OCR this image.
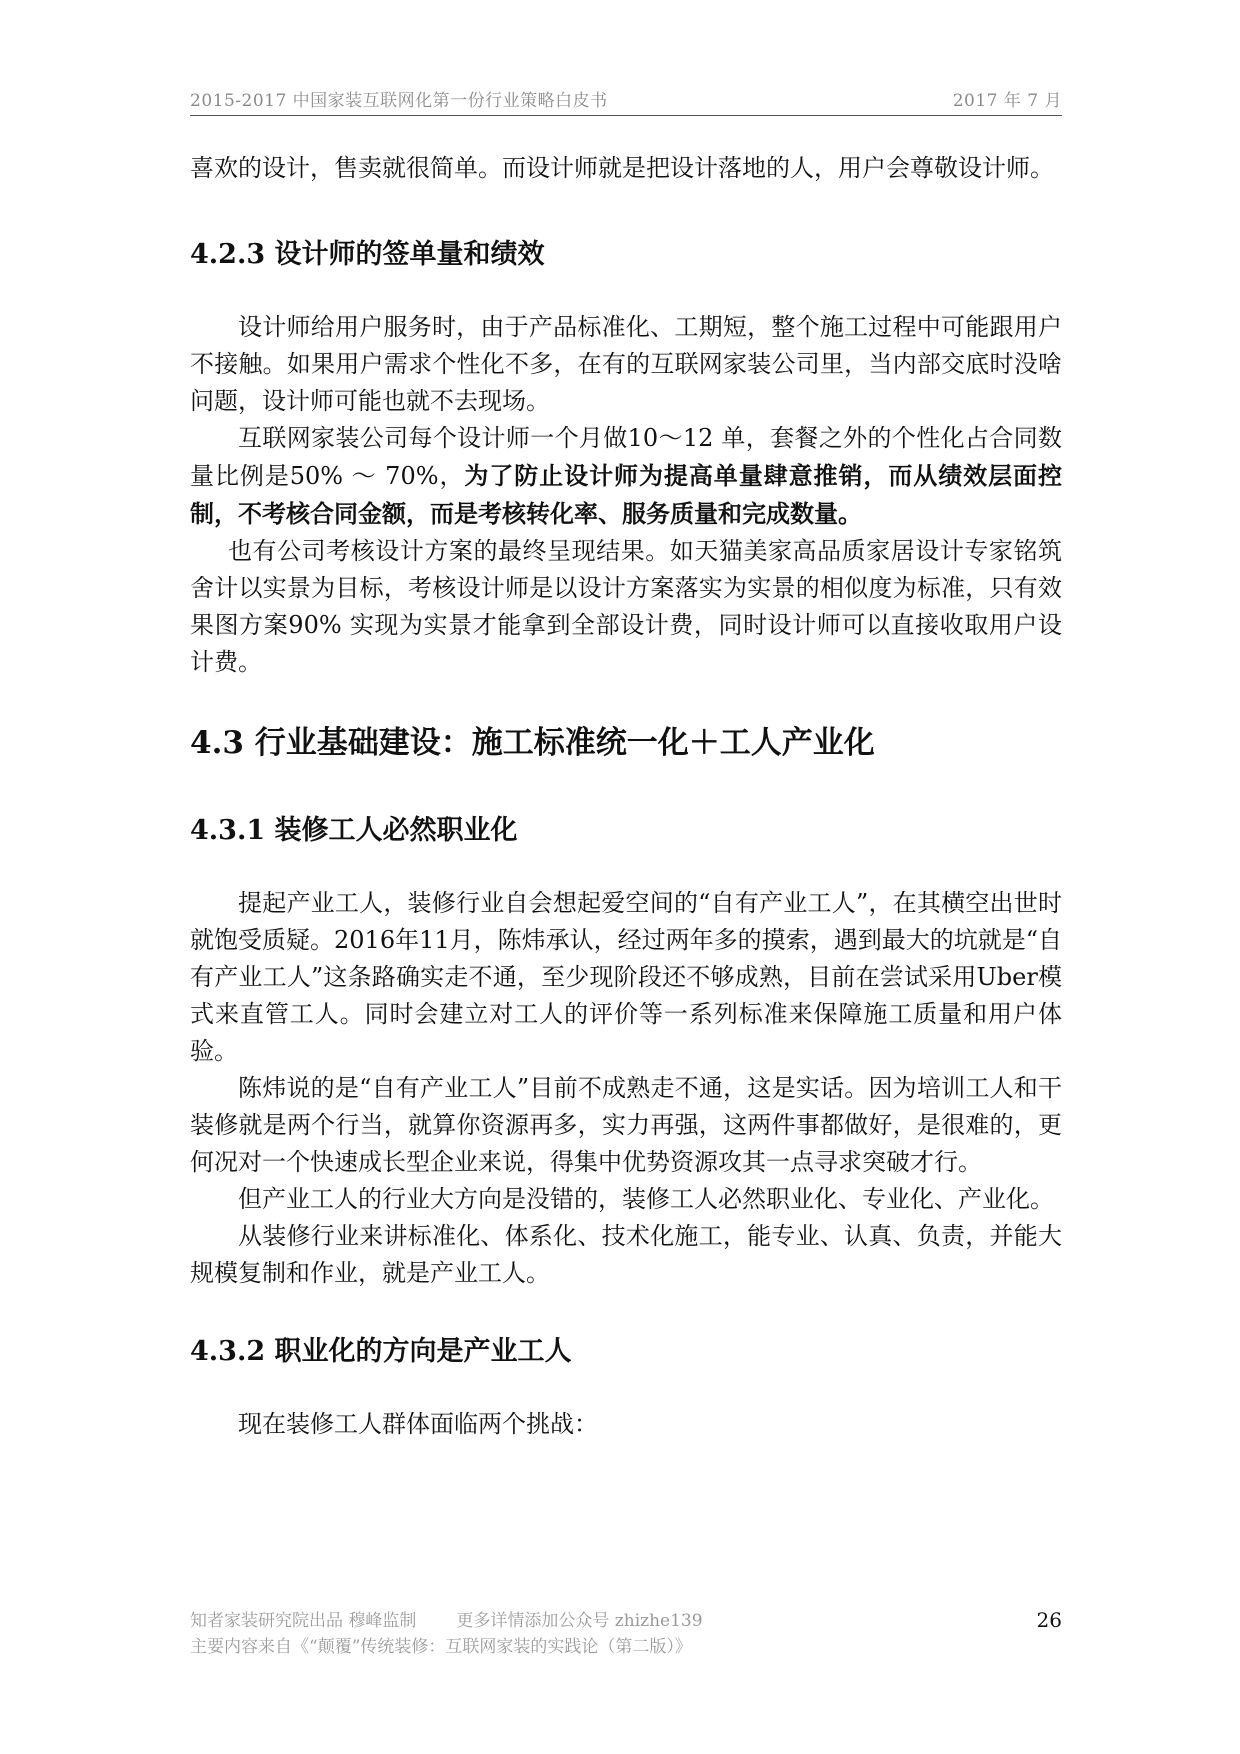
2015-2017 中国家装互联网化第一份行业策略白皮书	2017 年 7 月

喜欢的设计，售卖就很简单。而设计师就是把设计落地的人，用户会尊敬设计师。

4.2.3 设计师的签单量和绩效

设计师给用户服务时，由于产品标准化、工期短，整个施工过程中可能跟用户不接触。如果用户需求个性化不多，在有的互联网家装公司里，当内部交底时没啥问题，设计师可能也就不去现场。

互联网家装公司每个设计师一个月做10～12 单，套餐之外的个性化占合同数量比例是50% ～ 70%，为了防止设计师为提高单量肆意推销，而从绩效层面控制，不考核合同金额，而是考核转化率、服务质量和完成数量。

也有公司考核设计方案的最终呈现结果。如天猫美家高品质家居设计专家铭筑舍计以实景为目标，考核设计师是以设计方案落实为实景的相似度为标准，只有效果图方案90% 实现为实景才能拿到全部设计费，同时设计师可以直接收取用户设计费。

4.3 行业基础建设：施工标准统一化＋工人产业化
4.3.1 装修工人必然职业化

提起产业工人，装修行业自会想起爱空间的“自有产业工人”，在其横空出世时就饱受质疑。2016年11月，陈炜承认，经过两年多的摸索，遇到最大的坑就是“自有产业工人”这条路确实走不通，至少现阶段还不够成熟，目前在尝试采用Uber模式来直管工人。同时会建立对工人的评价等一系列标准来保障施工质量和用户体验。

陈炜说的是“自有产业工人”目前不成熟走不通，这是实话。因为培训工人和干装修就是两个行当，就算你资源再多，实力再强，这两件事都做好，是很难的，更何况对一个快速成长型企业来说，得集中优势资源攻其一点寻求突破才行。

但产业工人的行业大方向是没错的，装修工人必然职业化、专业化、产业化。

从装修行业来讲标准化、体系化、技术化施工，能专业、认真、负责，并能大规模复制和作业，就是产业工人。

4.3.2 职业化的方向是产业工人

现在装修工人群体面临两个挑战：

知者家装研究院出品 穆峰监制 更多详情添加公众号 zhizhe139
主要内容来自《“颠覆”传统装修：互联网家装的实践论（第二版）》
26
